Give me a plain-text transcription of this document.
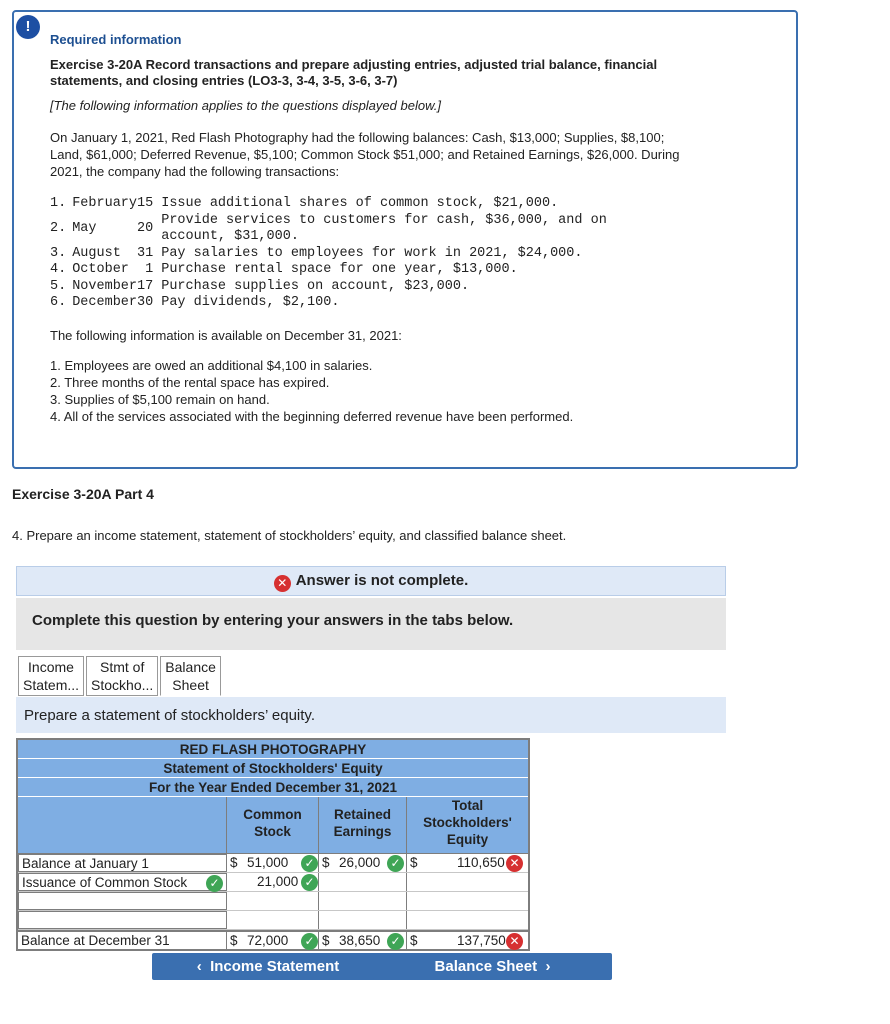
!
Required information
Exercise 3-20A Record transactions and prepare adjusting entries, adjusted trial balance, financial
statements, and closing entries (LO3-3, 3-4, 3-5, 3-6, 3-7)
[The following information applies to the questions displayed below.]
On January 1, 2021, Red Flash Photography had the following balances: Cash, $13,000; Supplies, $8,100;
Land, $61,000; Deferred Revenue, $5,100; Common Stock $51,000; and Retained Earnings, $26,000. During
2021, the company had the following transactions:
1.	February	15	Issue additional shares of common stock, $21,000.
2.	May	20	Provide services to customers for cash, $36,000, and on
account, $31,000.

3.	August	31	Pay salaries to employees for work in 2021, $24,000.
4.	October	1	Purchase rental space for one year, $13,000.
5.	November	17	Purchase supplies on account, $23,000.
6.	December	30	Pay dividends, $2,100.
The following information is available on December 31, 2021:
1. Employees are owed an additional $4,100 in salaries.
2. Three months of the rental space has expired.
3. Supplies of $5,100 remain on hand.
4. All of the services associated with the beginning deferred revenue have been performed.
Exercise 3-20A Part 4
4. Prepare an income statement, statement of stockholders’ equity, and classified balance sheet.
✕ Answer is not complete.
Complete this question by entering your answers in the tabs below.
Income
Statem...
Stmt of
Stockho...
Balance
Sheet
Prepare a statement of stockholders’ equity.
RED FLASH PHOTOGRAPHY
Statement of Stockholders' Equity
For the Year Ended December 31, 2021
Common
Stock
Retained
Earnings
Total
Stockholders'
Equity
Balance at January 1	$ 51,000 ✓ $ 26,000 ✓ $	110,650 ✕
Issuance of Common Stock ✓	21,000 ✓
Balance at December 31	$ 72,000 ✓ $ 38,650 ✓ $	137,750 ✕
‹ Income Statement	Balance Sheet ›
